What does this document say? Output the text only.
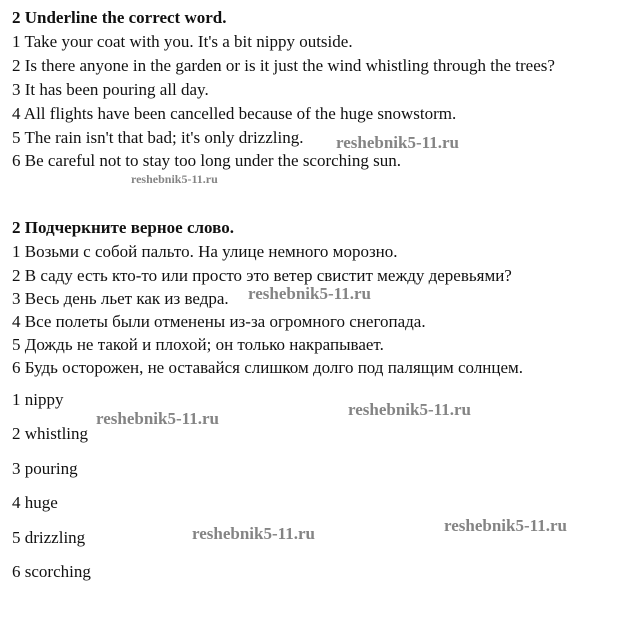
2 Underline the correct word.
1 Take your coat with you. It's a bit nippy outside.
2 Is there anyone in the garden or is it just the wind whistling through the trees?
3 It has been pouring all day.
4 All flights have been cancelled because of the huge snowstorm.
5 The rain isn't that bad; it's only drizzling.
6 Be careful not to stay too long under the scorching sun.
2 Подчеркните верное слово.
1 Возьми с собой пальто. На улице немного морозно.
2 В саду есть кто-то или просто это ветер свистит между деревьями?
3 Весь день льет как из ведра.
4 Все полеты были отменены из-за огромного снегопада.
5 Дождь не такой и плохой; он только накрапывает.
6 Будь осторожен, не оставайся слишком долго под палящим солнцем.
1 nippy
2 whistling
3 pouring
4 huge
5 drizzling
6 scorching
reshebnik5-11.ru
reshebnik5-11.ru
reshebnik5-11.ru
reshebnik5-11.ru	reshebnik5-11.ru
reshebnik5-11.ru	reshebnik5-11.ru
